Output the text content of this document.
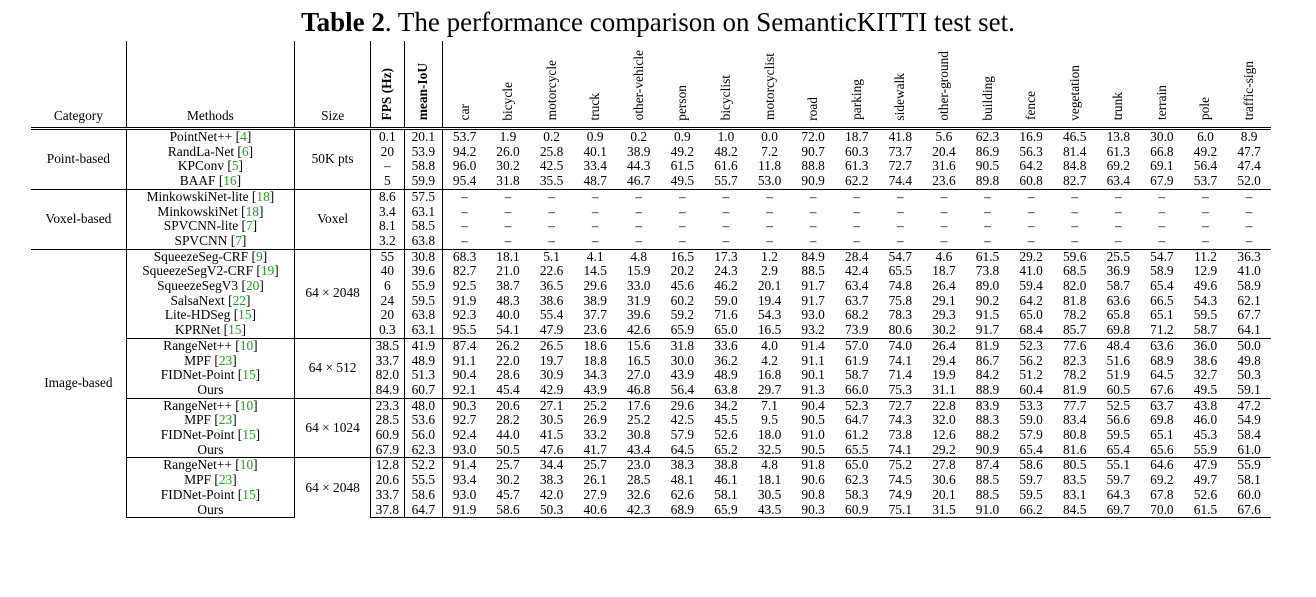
Table 2. The performance comparison on SemanticKITTI test set.
Category	Methods	Size	FPS (Hz)	mean-IoU	car	bicycle	motorcycle	truck	other-vehicle	person	bicyclist	motorcyclist	road	parking	sidewalk	other-ground	building	fence	vegetation	trunk	terrain	pole	traffic-sign
Point-based	PointNet++ [4]	50K pts	0.1	20.1	53.7	1.9	0.2	0.9	0.2	0.9	1.0	0.0	72.0	18.7	41.8	5.6	62.3	16.9	46.5	13.8	30.0	6.0	8.9
	RandLa-Net [6]		20	53.9	94.2	26.0	25.8	40.1	38.9	49.2	48.2	7.2	90.7	60.3	73.7	20.4	86.9	56.3	81.4	61.3	66.8	49.2	47.7
	KPConv [5]		–	58.8	96.0	30.2	42.5	33.4	44.3	61.5	61.6	11.8	88.8	61.3	72.7	31.6	90.5	64.2	84.8	69.2	69.1	56.4	47.4
	BAAF [16]		5	59.9	95.4	31.8	35.5	48.7	46.7	49.5	55.7	53.0	90.9	62.2	74.4	23.6	89.8	60.8	82.7	63.4	67.9	53.7	52.0
Voxel-based	MinkowskiNet-lite [18]	Voxel	8.6	57.5	–	–	–	–	–	–	–	–	–	–	–	–	–	–	–	–	–	–	–
	MinkowskiNet [18]		3.4	63.1	–	–	–	–	–	–	–	–	–	–	–	–	–	–	–	–	–	–	–
	SPVCNN-lite [7]		8.1	58.5	–	–	–	–	–	–	–	–	–	–	–	–	–	–	–	–	–	–	–
	SPVCNN [7]		3.2	63.8	–	–	–	–	–	–	–	–	–	–	–	–	–	–	–	–	–	–	–
Image-based	SqueezeSeg-CRF [9]	64 × 2048	55	30.8	68.3	18.1	5.1	4.1	4.8	16.5	17.3	1.2	84.9	28.4	54.7	4.6	61.5	29.2	59.6	25.5	54.7	11.2	36.3
	SqueezeSegV2-CRF [19]		40	39.6	82.7	21.0	22.6	14.5	15.9	20.2	24.3	2.9	88.5	42.4	65.5	18.7	73.8	41.0	68.5	36.9	58.9	12.9	41.0
	SqueezeSegV3 [20]		6	55.9	92.5	38.7	36.5	29.6	33.0	45.6	46.2	20.1	91.7	63.4	74.8	26.4	89.0	59.4	82.0	58.7	65.4	49.6	58.9
	SalsaNext [22]		24	59.5	91.9	48.3	38.6	38.9	31.9	60.2	59.0	19.4	91.7	63.7	75.8	29.1	90.2	64.2	81.8	63.6	66.5	54.3	62.1
	Lite-HDSeg [15]		20	63.8	92.3	40.0	55.4	37.7	39.6	59.2	71.6	54.3	93.0	68.2	78.3	29.3	91.5	65.0	78.2	65.8	65.1	59.5	67.7
	KPRNet [15]		0.3	63.1	95.5	54.1	47.9	23.6	42.6	65.9	65.0	16.5	93.2	73.9	80.6	30.2	91.7	68.4	85.7	69.8	71.2	58.7	64.1
	RangeNet++ [10]	64 × 512	38.5	41.9	87.4	26.2	26.5	18.6	15.6	31.8	33.6	4.0	91.4	57.0	74.0	26.4	81.9	52.3	77.6	48.4	63.6	36.0	50.0
	MPF [23]		33.7	48.9	91.1	22.0	19.7	18.8	16.5	30.0	36.2	4.2	91.1	61.9	74.1	29.4	86.7	56.2	82.3	51.6	68.9	38.6	49.8
	FIDNet-Point [15]		82.0	51.3	90.4	28.6	30.9	34.3	27.0	43.9	48.9	16.8	90.1	58.7	71.4	19.9	84.2	51.2	78.2	51.9	64.5	32.7	50.3
	Ours		84.9	60.7	92.1	45.4	42.9	43.9	46.8	56.4	63.8	29.7	91.3	66.0	75.3	31.1	88.9	60.4	81.9	60.5	67.6	49.5	59.1
	RangeNet++ [10]	64 × 1024	23.3	48.0	90.3	20.6	27.1	25.2	17.6	29.6	34.2	7.1	90.4	52.3	72.7	22.8	83.9	53.3	77.7	52.5	63.7	43.8	47.2
	MPF [23]		28.5	53.6	92.7	28.2	30.5	26.9	25.2	42.5	45.5	9.5	90.5	64.7	74.3	32.0	88.3	59.0	83.4	56.6	69.8	46.0	54.9
	FIDNet-Point [15]		60.9	56.0	92.4	44.0	41.5	33.2	30.8	57.9	52.6	18.0	91.0	61.2	73.8	12.6	88.2	57.9	80.8	59.5	65.1	45.3	58.4
	Ours		67.9	62.3	93.0	50.5	47.6	41.7	43.4	64.5	65.2	32.5	90.5	65.5	74.1	29.2	90.9	65.4	81.6	65.4	65.6	55.9	61.0
	RangeNet++ [10]	64 × 2048	12.8	52.2	91.4	25.7	34.4	25.7	23.0	38.3	38.8	4.8	91.8	65.0	75.2	27.8	87.4	58.6	80.5	55.1	64.6	47.9	55.9
	MPF [23]		20.6	55.5	93.4	30.2	38.3	26.1	28.5	48.1	46.1	18.1	90.6	62.3	74.5	30.6	88.5	59.7	83.5	59.7	69.2	49.7	58.1
	FIDNet-Point [15]		33.7	58.6	93.0	45.7	42.0	27.9	32.6	62.6	58.1	30.5	90.8	58.3	74.9	20.1	88.5	59.5	83.1	64.3	67.8	52.6	60.0
	Ours		37.8	64.7	91.9	58.6	50.3	40.6	42.3	68.9	65.9	43.5	90.3	60.9	75.1	31.5	91.0	66.2	84.5	69.7	70.0	61.5	67.6
